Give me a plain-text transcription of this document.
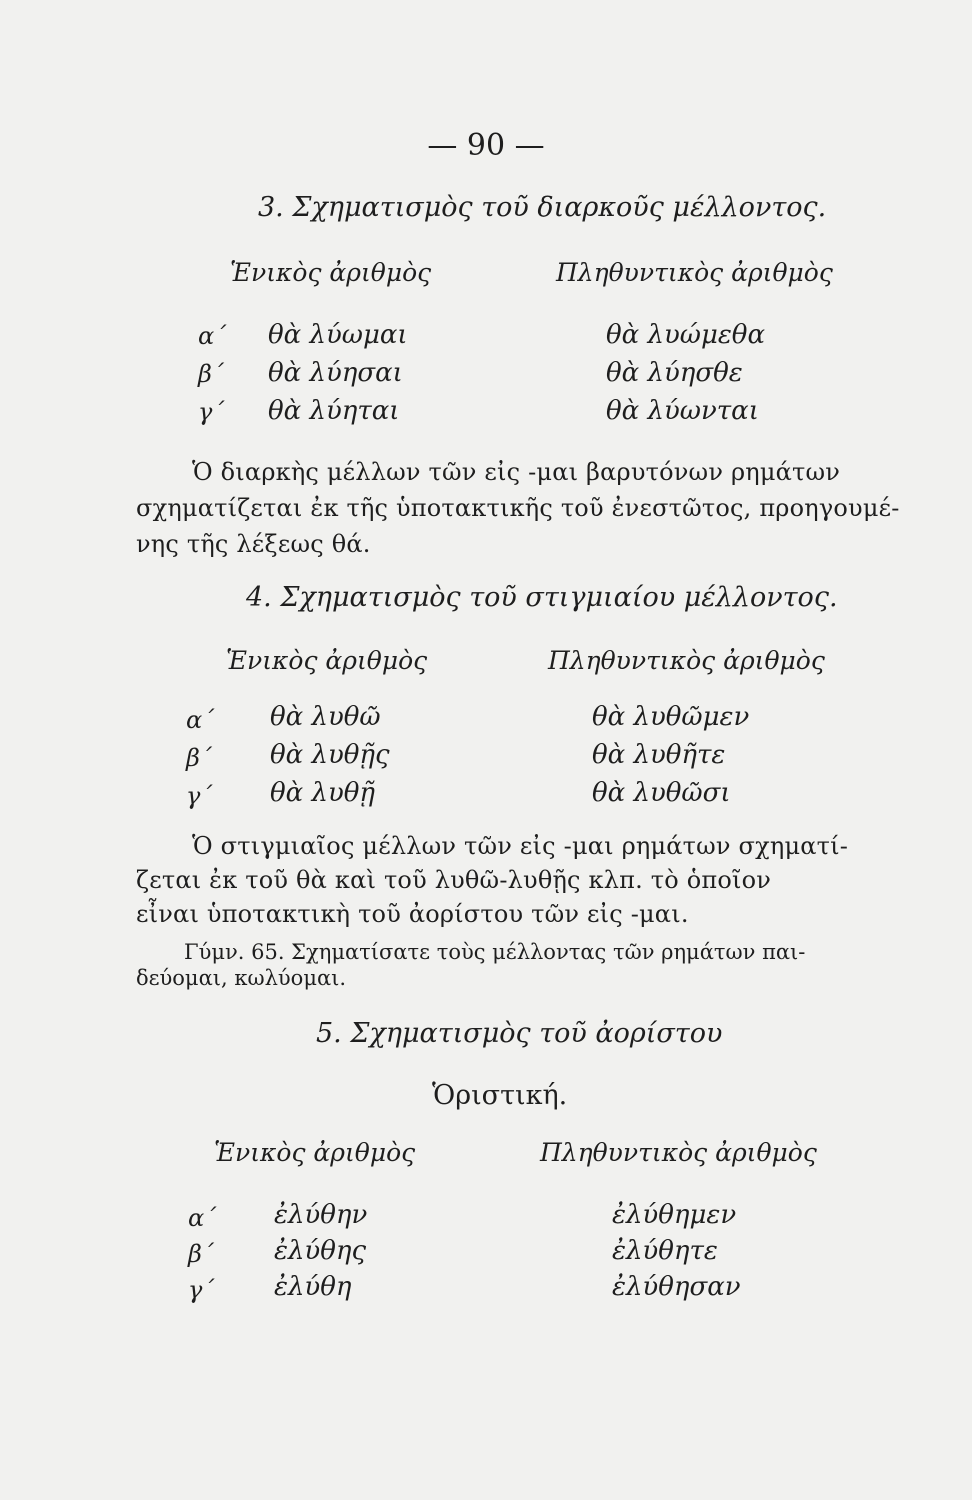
— 90 —
3. Σχηματισμὸς τοῦ διαρκοῦς μέλλοντος.
Ἑνικὸς ἀριθμὸς	Πληθυντικὸς ἀριθμὸς
α΄ θὰ λύωμαι	θὰ λυώμεθα
β΄ θὰ λύησαι	θὰ λύησθε
γ΄ θὰ λύηται	θὰ λύωνται
Ὁ διαρκὴς μέλλων τῶν εἰς -μαι βαρυτόνων ρημάτων
σχηματίζεται ἐκ τῆς ὑποτακτικῆς τοῦ ἐνεστῶτος, προηγουμέ-
νης τῆς λέξεως θά.
4. Σχηματισμὸς τοῦ στιγμιαίου μέλλοντος.
Ἑνικὸς ἀριθμὸς	Πληθυντικὸς ἀριθμὸς
α΄ θὰ λυθῶ	θὰ λυθῶμεν
β΄ θὰ λυθῇς	θὰ λυθῆτε
γ΄ θὰ λυθῇ	θὰ λυθῶσι
Ὁ στιγμιαῖος μέλλων τῶν εἰς -μαι ρημάτων σχηματί-
ζεται ἐκ τοῦ θὰ καὶ τοῦ λυθῶ-λυθῇς κλπ. τὸ ὁποῖον
εἶναι ὑποτακτικὴ τοῦ ἀορίστου τῶν εἰς -μαι.
Γύμν. 65. Σχηματίσατε τοὺς μέλλοντας τῶν ρημάτων παι-
δεύομαι, κωλύομαι.
5. Σχηματισμὸς τοῦ ἀορίστου
Ὁριστική.
Ἑνικὸς ἀριθμὸς	Πληθυντικὸς ἀριθμὸς
α΄ ἐλύθην	ἐλύθημεν
β΄ ἐλύθης	ἐλύθητε
γ΄ ἐλύθη	ἐλύθησαν
